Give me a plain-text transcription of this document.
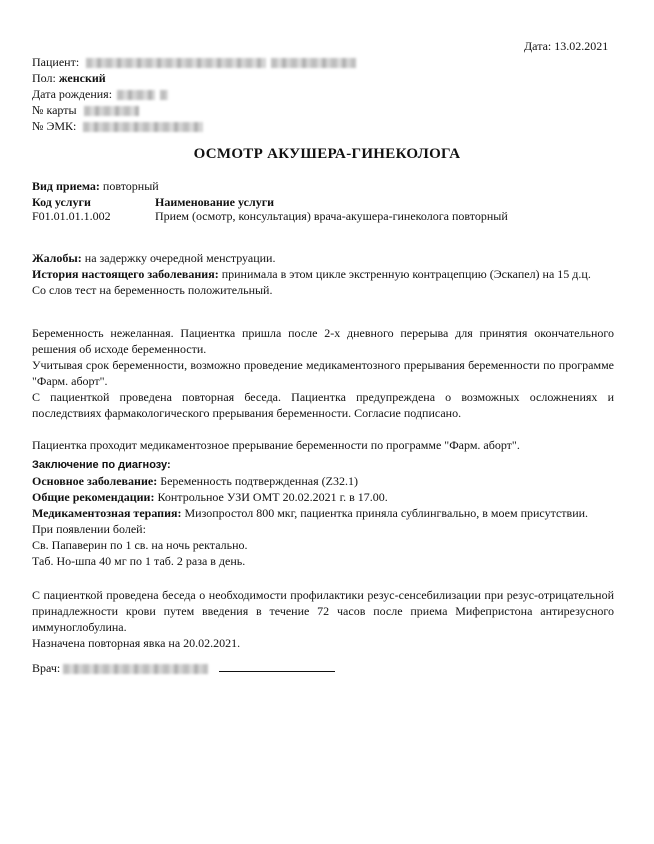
Дата: 13.02.2021
Пациент:
Пол: женский
Дата рождения:
№ карты
№ ЭМК:
ОСМОТР АКУШЕРА-ГИНЕКОЛОГА
Вид приема: повторный
Код услуги	Наименование услуги
F01.01.01.1.002	Прием (осмотр, консультация) врача-акушера-гинеколога повторный
Жалобы: на задержку очередной менструации.
История настоящего заболевания: принимала в этом цикле экстренную контрацепцию (Эскапел) на 15 д.ц.
Со слов тест на беременность положительный.
Беременность нежеланная. Пациентка пришла после 2-х дневного перерыва для принятия окончательного решения об исходе беременности.
Учитывая срок беременности, возможно проведение медикаментозного прерывания беременности по программе "Фарм. аборт".
С пациенткой проведена повторная беседа. Пациентка предупреждена о возможных осложнениях и последствиях фармакологического прерывания беременности. Согласие подписано.
Пациентка проходит медикаментозное прерывание беременности по программе "Фарм. аборт".
Заключение по диагнозу:
Основное заболевание: Беременность подтвержденная (Z32.1)
Общие рекомендации: Контрольное УЗИ ОМТ 20.02.2021 г. в 17.00.
Медикаментозная терапия: Мизопростол 800 мкг, пациентка приняла сублингвально, в моем присутствии.
При появлении болей:
Св. Папаверин по 1 св. на ночь ректально.
Таб. Но-шпа 40 мг по 1 таб. 2 раза в день.
С пациенткой проведена беседа о необходимости профилактики резус-сенсебилизации при резус-отрицательной принадлежности крови путем введения в течение 72 часов после приема Мифепристона антирезусного иммуноглобулина.
Назначена повторная явка на 20.02.2021.
Врач:
